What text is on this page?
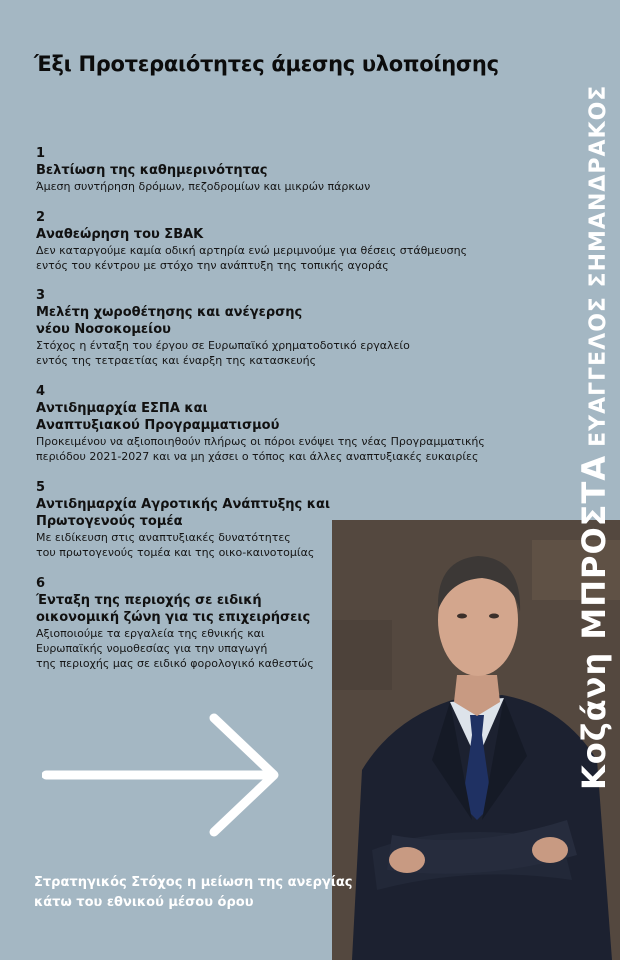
Έξι Προτεραιότητες άμεσης υλοποίησης
1
Βελτίωση της καθημερινότητας
Άμεση συντήρηση δρόμων, πεζοδρομίων και μικρών πάρκων
2
Αναθεώρηση του ΣΒΑΚ
Δεν καταργούμε καμία οδική αρτηρία ενώ μεριμνούμε για θέσεις στάθμευσης
εντός του κέντρου με στόχο την ανάπτυξη της τοπικής αγοράς
3
Μελέτη χωροθέτησης και ανέγερσης
νέου Νοσοκομείου
Στόχος η ένταξη του έργου σε Ευρωπαϊκό χρηματοδοτικό εργαλείο
εντός της τετραετίας και έναρξη της κατασκευής
4
Αντιδημαρχία ΕΣΠΑ και
Αναπτυξιακού Προγραμματισμού
Προκειμένου να αξιοποιηθούν πλήρως οι πόροι ενόψει της νέας Προγραμματικής
περιόδου 2021-2027 και να μη χάσει ο τόπος και άλλες αναπτυξιακές ευκαιρίες
5
Αντιδημαρχία Αγροτικής Ανάπτυξης και
Πρωτογενούς τομέα
Με ειδίκευση στις αναπτυξιακές δυνατότητες
του πρωτογενούς τομέα και της οικο-καινοτομίας
6
Ένταξη της περιοχής σε ειδική
οικονομική ζώνη για τις επιχειρήσεις
Αξιοποιούμε τα εργαλεία της εθνικής και
Ευρωπαϊκής νομοθεσίας για την υπαγωγή
της περιοχής μας σε ειδικό φορολογικό καθεστώς
Στρατηγικός Στόχος η μείωση της ανεργίας
κάτω του εθνικού μέσου όρου
Κοζάνη ΜΠΡΟΣΤΑΕΥΑΓΓΕΛΟΣ ΣΗΜΑΝΔΡΑΚΟΣ
